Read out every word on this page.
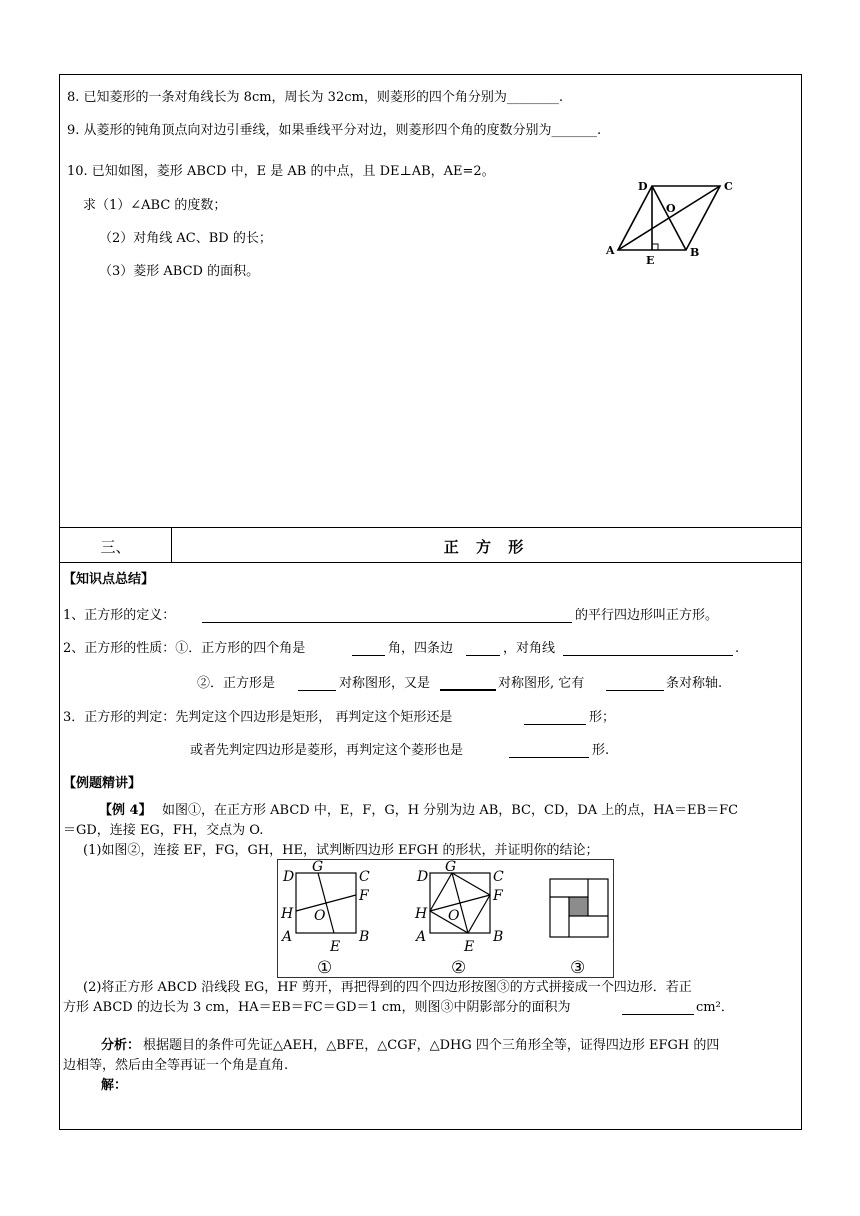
8. 已知菱形的一条对角线长为 8cm，周长为 32cm，则菱形的四个角分别为________.
9. 从菱形的钝角顶点向对边引垂线，如果垂线平分对边，则菱形四个角的度数分别为_______.
10. 已知如图，菱形 ABCD 中，E 是 AB 的中点，且 DE⊥AB，AE=2。
求（1）∠ABC 的度数；
（2）对角线 AC、BD 的长；
（3）菱形 ABCD 的面积。
D	C
O
A	B
E
三、	正 方 形
【知识点总结】
1、正方形的定义：	的平行四边形叫正方形。
2、正方形的性质：①．正方形的四个角是	角，四条边	，对角线	.
②．正方形是	对称图形，又是	对称图形, 它有	条对称轴.
3．正方形的判定：先判定这个四边形是矩形， 再判定这个矩形还是	形；
或者先判定四边形是菱形，再判定这个菱形也是	形.
【例题精讲】
【例 4】 如图①，在正方形 ABCD 中，E，F，G，H 分别为边 AB，BC，CD，DA 上的点，HA＝EB＝FC
＝GD，连接 EG，FH，交点为 O.
(1)如图②，连接 EF，FG，GH，HE，试判断四边形 EFGH 的形状，并证明你的结论；
D
G
C
F
H O
A
E
B
①
D
G
C
F
H O
A
E
B
②	③
(2)将正方形 ABCD 沿线段 EG，HF 剪开，再把得到的四个四边形按图③的方式拼接成一个四边形．若正
方形 ABCD 的边长为 3 cm，HA＝EB＝FC＝GD＝1 cm，则图③中阴影部分的面积为	cm²．
分析： 根据题目的条件可先证△AEH，△BFE，△CGF，△DHG 四个三角形全等，证得四边形 EFGH 的四
边相等，然后由全等再证一个角是直角.
解：
